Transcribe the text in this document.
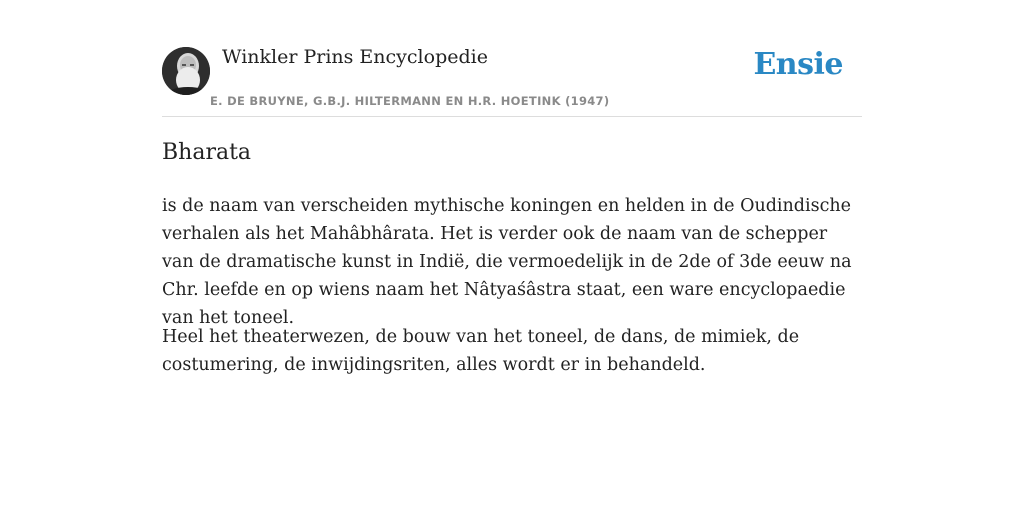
Winkler Prins Encyclopedie
E. DE BRUYNE, G.B.J. HILTERMANN EN H.R. HOETINK (1947)
Ensie
Bharata

is de naam van verscheiden mythische koningen en helden in de Oudindische verhalen als het Mahâbhârata. Het is verder ook de naam van de schepper van de dramatische kunst in Indië, die vermoedelijk in de 2de of 3de eeuw na Chr. leefde en op wiens naam het Nâtyaśâstra staat, een ware encyclopaedie van het toneel.

Heel het theaterwezen, de bouw van het toneel, de dans, de mimiek, de costumering, de inwijdingsriten, alles wordt er in behandeld.
